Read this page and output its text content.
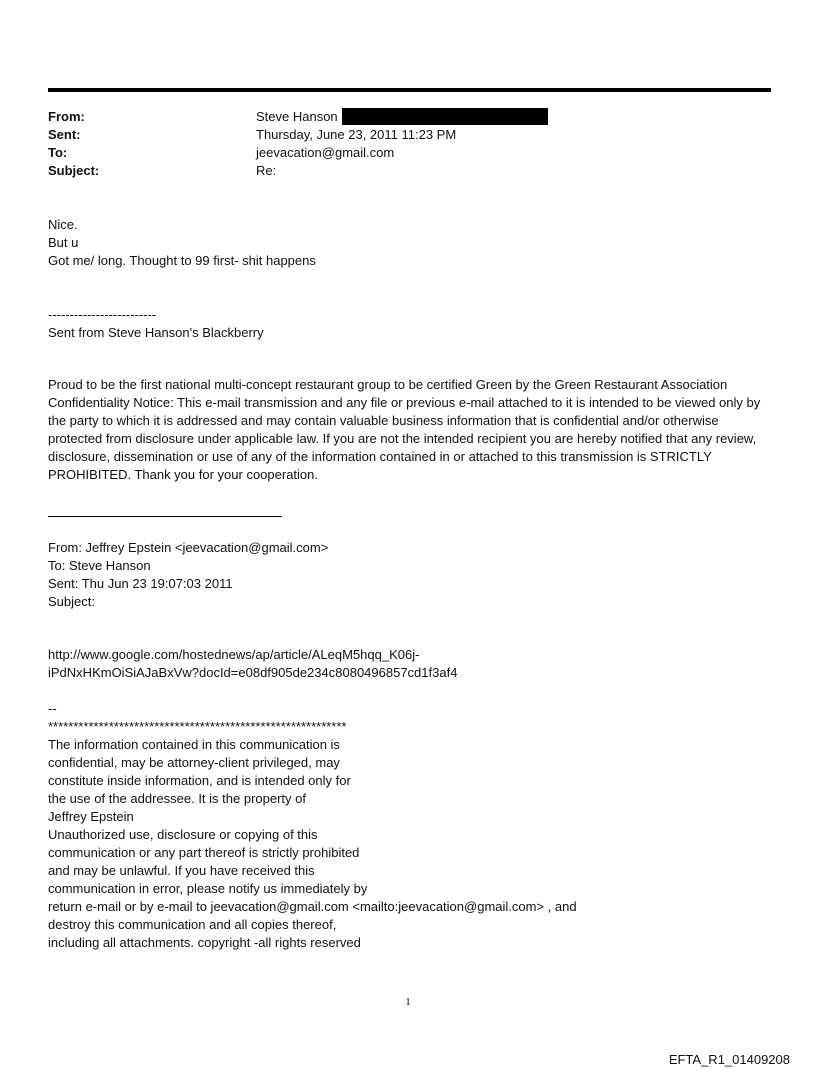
From:	Steve Hanson
Sent:	Thursday, June 23, 2011 11:23 PM
To:	jeevacation@gmail.com
Subject:	Re:
Nice.
But u
Got me/ long. Thought to 99 first- shit happens
-------------------------
Sent from Steve Hanson's Blackberry
Proud to be the first national multi-concept restaurant group to be certified Green by the Green Restaurant Association Confidentiality Notice: This e-mail transmission and any file or previous e-mail attached to it is intended to be viewed only by the party to which it is addressed and may contain valuable business information that is confidential and/or otherwise protected from disclosure under applicable law. If you are not the intended recipient you are hereby notified that any review, disclosure, dissemination or use of any of the information contained in or attached to this transmission is STRICTLY PROHIBITED. Thank you for your cooperation.
From: Jeffrey Epstein <jeevacation@gmail.com>
To: Steve Hanson
Sent: Thu Jun 23 19:07:03 2011
Subject:
http://www.google.com/hostednews/ap/article/ALeqM5hqq_K06j-
iPdNxHKmOiSiAJaBxVw?docId=e08df905de234c8080496857cd1f3af4
--
***********************************************************
The information contained in this communication is
confidential, may be attorney-client privileged, may
constitute inside information, and is intended only for
the use of the addressee. It is the property of
Jeffrey Epstein
Unauthorized use, disclosure or copying of this
communication or any part thereof is strictly prohibited
and may be unlawful. If you have received this
communication in error, please notify us immediately by
return e-mail or by e-mail to jeevacation@gmail.com <mailto:jeevacation@gmail.com> , and
destroy this communication and all copies thereof,
including all attachments. copyright -all rights reserved
1
EFTA_R1_01409208
